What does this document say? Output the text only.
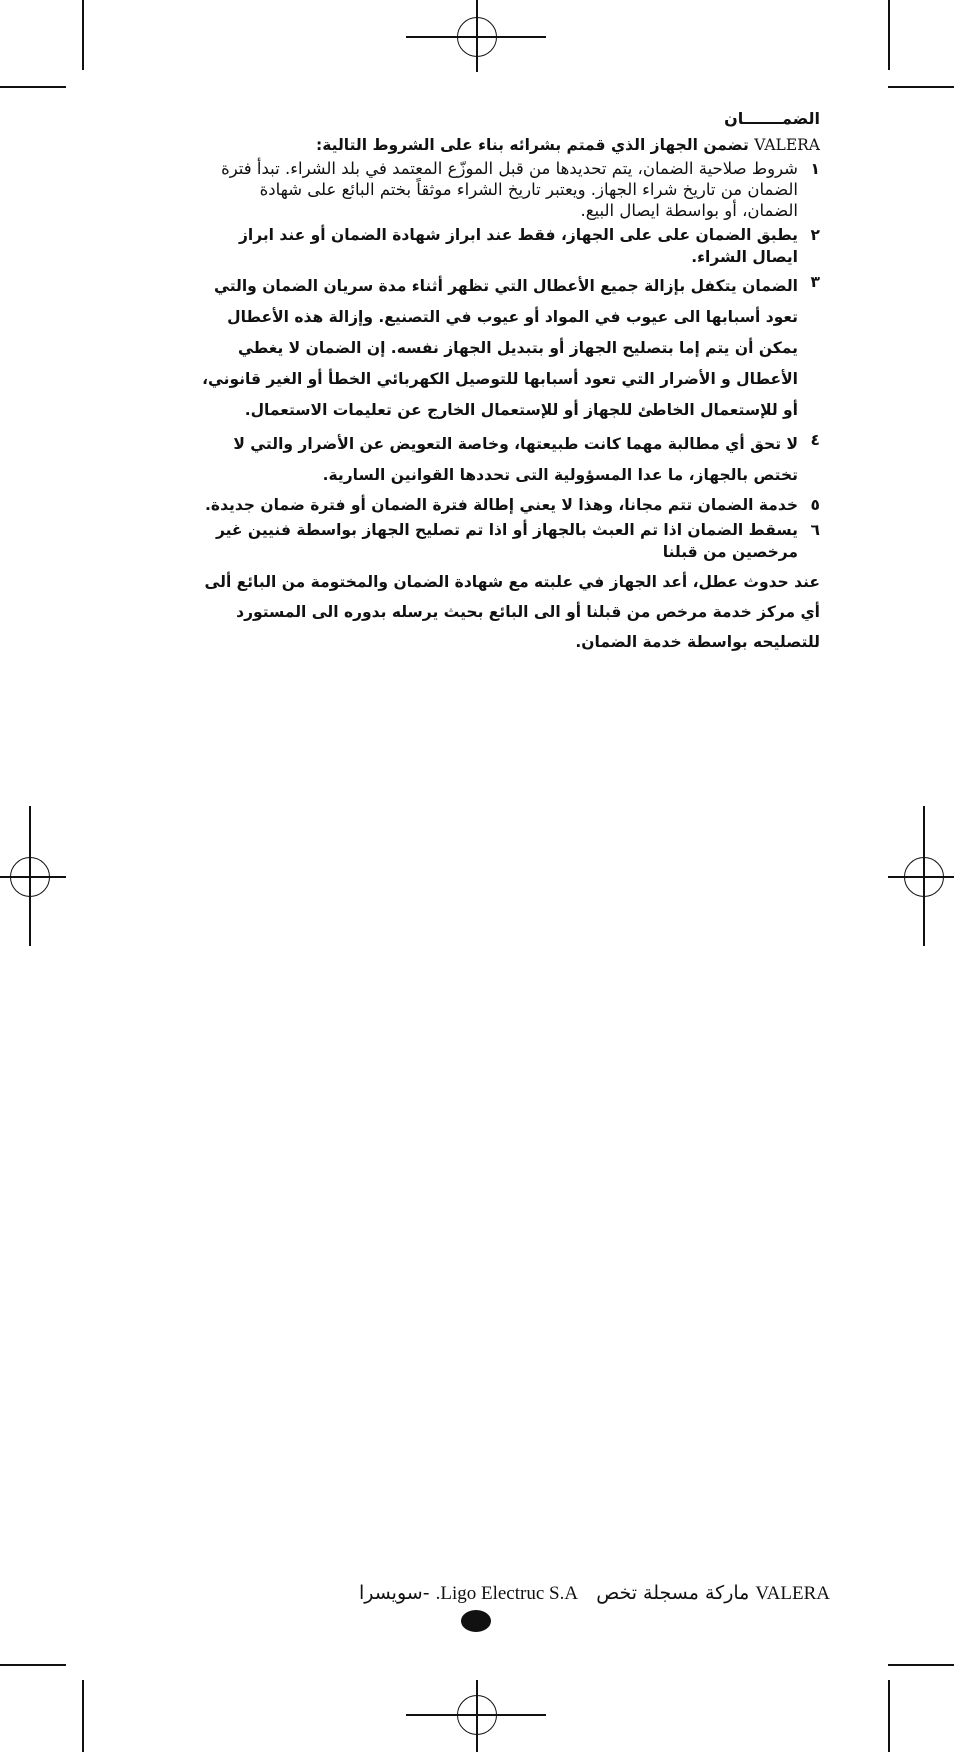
الضمـــــــان
VALERA تضمن الجهاز الذي قمتم بشرائه بناء على الشروط التالية:
١
شروط صلاحية الضمان، يتم تحديدها من قبل الموزّع المعتمد في بلد الشراء. تبدأ فترة الضمان من تاريخ شراء الجهاز. ويعتبر تاريخ الشراء موثقاً بختم البائع على شهادة الضمان، أو بواسطة ايصال البيع.
٢
يطبق الضمان على على الجهاز، فقط عند ابراز شهادة الضمان أو عند ابراز ايصال الشراء.
٣
الضمان يتكفل بإزالة جميع الأعطال التي تظهر أثناء مدة سريان الضمان والتي تعود أسبابها الى عيوب في المواد أو عيوب في التصنيع. وإزالة هذه الأعطال يمكن أن يتم إما بتصليح الجهاز أو بتبديل الجهاز نفسه. إن الضمان لا يغطي الأعطال و الأضرار التي تعود أسبابها للتوصيل الكهربائي الخطأ أو الغير قانوني، أو للإستعمال الخاطئ للجهاز أو للإستعمال الخارج عن تعليمات الاستعمال.
٤
لا تحق أي مطالبة مهما كانت طبيعتها، وخاصة التعويض عن الأضرار والتي لا تختص بالجهاز، ما عدا المسؤولية التى تحددها القوانين السارية.
٥
خدمة الضمان تتم مجانا، وهذا لا يعني إطالة فترة الضمان أو فترة ضمان جديدة.
٦
يسقط الضمان اذا تم العبث بالجهاز أو اذا تم تصليح الجهاز بواسطة فنيين غير مرخصين من قبلنا
عند حدوث عطل، أعد الجهاز في علبته مع شهادة الضمان والمختومة من البائع ألى أي مركز خدمة مرخص من قبلنا أو الى البائع بحيث يرسله بدوره الى المستورد للتصليحه بواسطة خدمة الضمان.
VALERA ماركة مسجلة تخص   Ligo Electruc S.A. -سويسرا
